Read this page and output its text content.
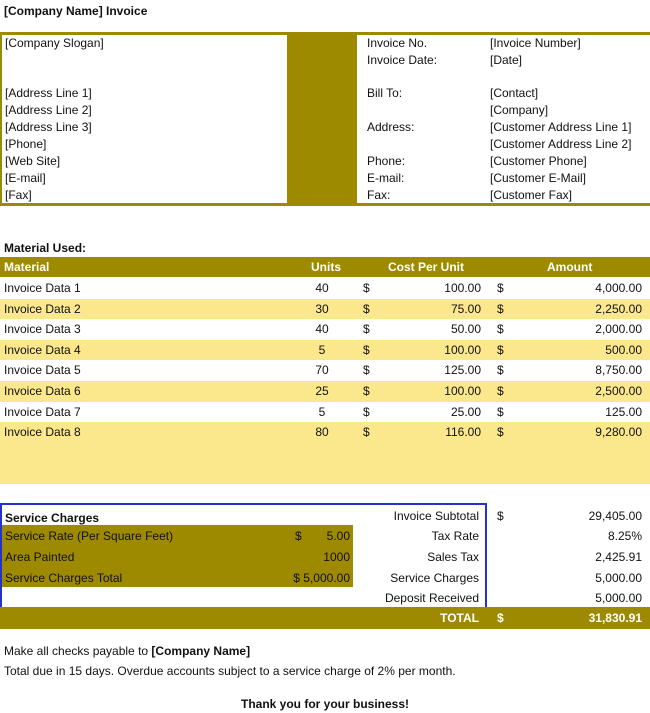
[Company Name] Invoice
[Company Slogan]
[Address Line 1]
[Address Line 2]
[Address Line 3]
[Phone]
[Web Site]
[E-mail]
[Fax]
Invoice No.	[Invoice Number]
Invoice Date:	[Date]
Bill To:	[Contact]
[Company]
Address:	[Customer Address Line 1]
[Customer Address Line 2]
Phone:	[Customer Phone]
E-mail:	[Customer E-Mail]
Fax:	[Customer Fax]
Material Used:
Material	Units	Cost Per Unit	Amount
Invoice Data 1	40	$	100.00 $	4,000.00
Invoice Data 2	30	$	75.00 $	2,250.00
Invoice Data 3	40	$	50.00 $	2,000.00
Invoice Data 4	5	$	100.00 $	500.00
Invoice Data 5	70	$	125.00 $	8,750.00
Invoice Data 6	25	$	100.00 $	2,500.00
Invoice Data 7	5	$	25.00 $	125.00
Invoice Data 8	80	$	116.00 $	9,280.00
Service Charges
Service Rate (Per Square Feet)	$ 5.00
Area Painted	1000
Service Charges Total	$ 5,000.00
Invoice Subtotal $	29,405.00
Tax Rate	8.25%
Sales Tax	2,425.91
Service Charges	5,000.00
Deposit Received	5,000.00
TOTAL $	31,830.91
Make all checks payable to [Company Name]
Total due in 15 days. Overdue accounts subject to a service charge of 2% per month.
Thank you for your business!
